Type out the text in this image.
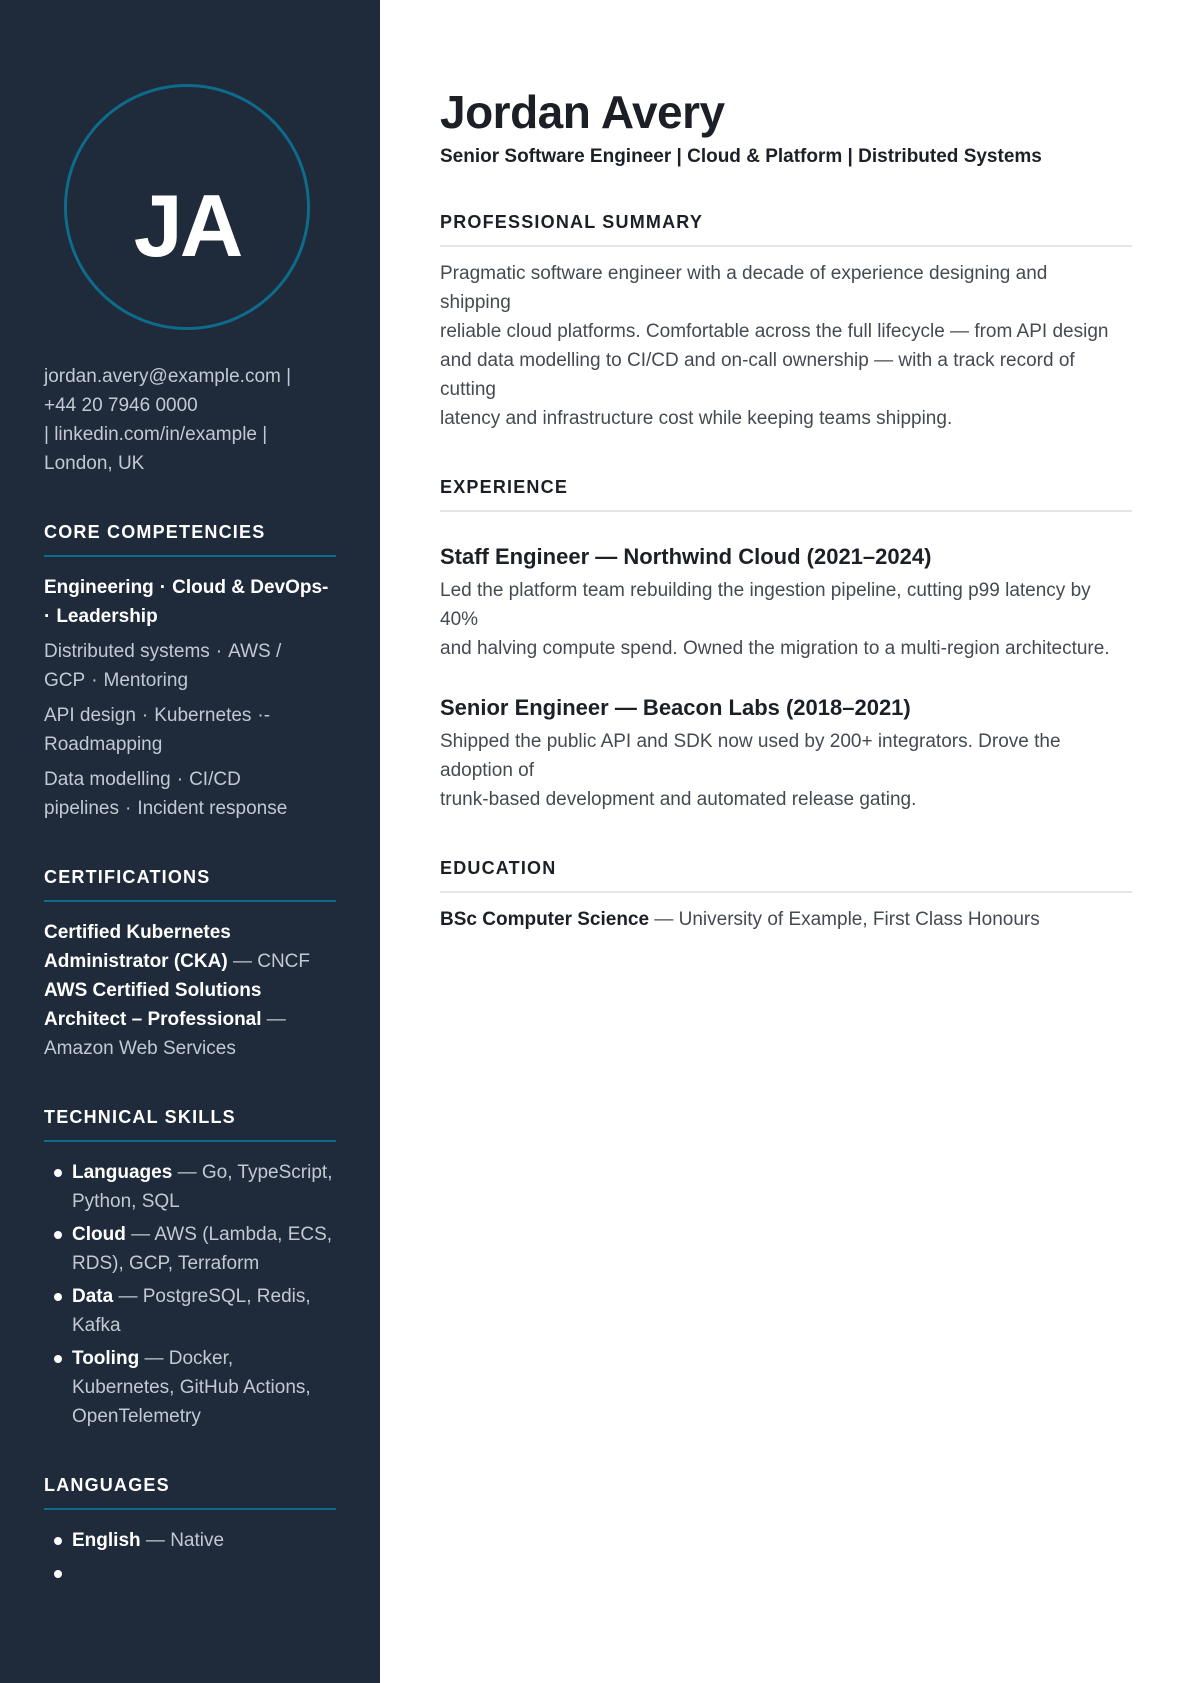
JA
jordan.avery@example.com |
+44 20 7946 0000
| linkedin.com/in/example |
London, UK
CORE COMPETENCIES
Engineering · Cloud & DevOps-
· Leadership
Distributed systems · AWS /
GCP · Mentoring
API design · Kubernetes ·-
Roadmapping
Data modelling · CI/CD
pipelines · Incident response
CERTIFICATIONS
Certified Kubernetes Administrator (CKA) — CNCF
AWS Certified Solutions Architect – Professional — Amazon Web Services
TECHNICAL SKILLS
Languages — Go, TypeScript, Python, SQL
Cloud — AWS (Lambda, ECS, RDS), GCP, Terraform
Data — PostgreSQL, Redis, Kafka
Tooling — Docker, Kubernetes, GitHub Actions, OpenTelemetry
LANGUAGES
English — Native
Jordan Avery
Senior Software Engineer | Cloud & Platform | Distributed Systems
PROFESSIONAL SUMMARY
Pragmatic software engineer with a decade of experience designing and
shipping
reliable cloud platforms. Comfortable across the full lifecycle — from API design
and data modelling to CI/CD and on-call ownership — with a track record of
cutting
latency and infrastructure cost while keeping teams shipping.
EXPERIENCE
Staff Engineer — Northwind Cloud (2021–2024)
Led the platform team rebuilding the ingestion pipeline, cutting p99 latency by
40%
and halving compute spend. Owned the migration to a multi-region architecture.
Senior Engineer — Beacon Labs (2018–2021)
Shipped the public API and SDK now used by 200+ integrators. Drove the
adoption of
trunk-based development and automated release gating.
EDUCATION
BSc Computer Science — University of Example, First Class Honours
